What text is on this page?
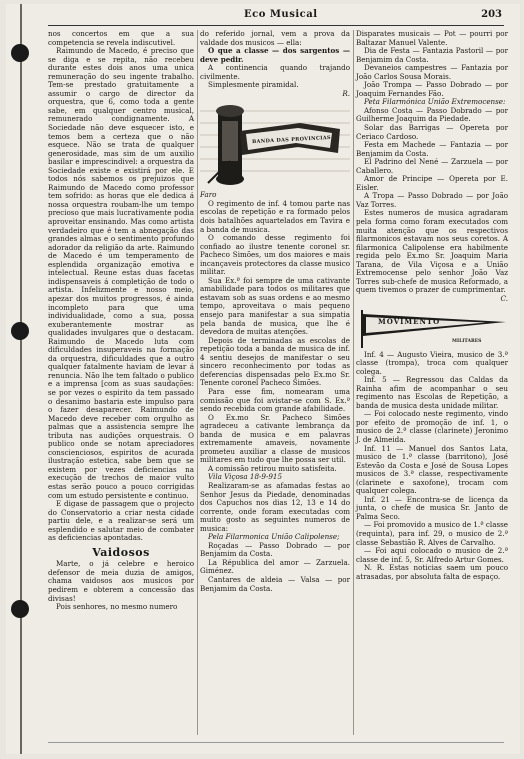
Eco Musical	203

nos concertos em que a sua competencia se revela indiscutivel.

Raimundo de Macedo, é preciso que se diga e se repita, não recebeu durante estes dois anos uma unica remuneração do seu ingente trabalho. Tem-se prestado gratuitamente a assumir o cargo de director da orquestra, que 6, como toda a gente sabe, em qualquer centro musical, remunerado condignamente. A Sociedade não deve esquecer isto, e temos bem a certeza que o não esquece. Não se trata de qualquer generosidade, mas sim de um auxilio basilar e imprescindivel: a orquestra da Sociedade existe e existirá por ele. E todos nós sabemos os prejuizos que Raimundo de Macedo como professor tem sofrido: as horas que ele dedica á nossa orquestra roubam-lhe um tempo precioso que mais lucrativamente podia aproveitar ensinando. Mas como artista verdadeiro que é tem a abnegação das grandes almas e o sentimento profundo adorador da religião da arte. Raimundo de Macedo é um temperamento de esplendida organização emotiva e intelectual. Reune estas duas facetas indispensaveis á completição de todo o artista. Infelizmente e nosso meio, apezar dos muitos progressos, é ainda incompleto para que uma individualidade, como a sua, possa exuberantemente mostrar as qualidades invulgares que o destacam. Raimundo de Macedo luta com dificuldades insuperaveis na formação da orquestra, dificuldades que a outro qualquer fatalmente haviam de levar á renuncia. Não lhe tem faltado o publico e a imprensa [com as suas saudações: se por vezes o espirito da tem passado o desanimo bastaria este impulso para o fazer desaparecer. Raimundo de Macedo deve receber com orgulho as palmas que a assistencia sempre lhe tributa nas audições orquestrais. O publico onde se notam apreciadores conscienciosos, espiritos de acurada ilustração estetica, sabe bem que se existem por vezes deficiencias na execução de trechos de maior vulto estas serão pouco a pouco corrigidas com um estudo persistente e continuo.

E digase de passagem que o projecto do Conservatorio a criar nesta cidade partiu dele, e a realizar-se será um esplendido e salutar meio de combater as deficiencias apontadas.

Vaidosos

Marte, o já celebre e heroico defensor de meia duzia de amigos, chama vaidosos aos musicos por pedirem e obterem a concessão das divisas!

Pois senhores, no mesmo numero

do referido jornal, vem a prova da valdade dos musicos — ella:

O que a classe — dos sargentos — deve pedir.

A continencia quando trajando civilmente.

Simplesmente piramidal.

R.

BANDA DAS PROVINCIAS

Faro

O regimento de inf. 4 tomou parte nas escolas de repetição e ra formado pelos dois batalhões aquartelados em Tavira e a banda de musica.

O comando desse regimento foi confiado ao ilustre tenente coronel sr. Pacheco Simões, um dos maiores e mais incançaveis protectores da classe musico militar.

Sua Ex.ª foi sempre de uma cativante amabilidade para todos os militares que estavam sob as suas ordens e ao mesmo tempo, aproveitava o mais pequeno ensejo para manifestar a sua simpatia pela banda de musica, que lhe é devedora de muitas atenções.

Depois de terminadas as escolas de repetição toda a banda de musica de inf. 4 sentiu desejos de manifestar o seu sincero reconhecimento por todas as deferencias dispensadas pelo Ex.mo Sr. Tenente coronel Pacheco Simões.

Para esse fim, nomearam uma comissão que foi avistar-se com S. Ex.ª sendo recebida com grande afabilidade.

O Ex.mo Sr. Pacheco Simões agradeceu a cativante lembrança da banda de musica e em palavras extremamente amaveis, novamente prometeu auxiliar a classe de musicos militares em tudo que lhe possa ser util.

A comissão retirou muito satisfeita.

Vila Viçosa 18-9-915

Realizaram-se as afamadas festas ao Senhor Jesus da Piedade, denominadas dos Capuchos nos dias 12, 13 e 14 do corrente, onde foram executadas com muito gosto as seguintes numeros de musica:

Pela Filarmonica União Calipolense;

Roçadas — Passo Dobrado — por Benjamim da Costa.

La Républica del amor — Zarzuela. Giménez.

Cantares de aldeia — Valsa — por Benjamim da Costa.

Disparates musicais — Pot — pourri por Baltazar Manuel Valente.

Dia de Festa — Fantazia Pastoril — por Benjamim da Costa.

Devaneios campestres — Fantazia por João Carlos Sousa Morais.

João Trompa — Passo Dobrado — por Joaquim Fernandes Fão.

Peta Filarmónica União Extremocense:

Afonso Costa — Passo Dobrado — por Guilherme Joaquim da Piedade.

Solar das Barrigas — Opereta por Ceriaco Cardoso.

Festa em Machede — Fantazia — por Benjamim da Costa.

El Padrino del Nené — Zarzuela — por Caballero.

Amor de Principe — Opereta por E. Eisler.

A Tropa — Passo Dobrado — por João Vaz Torres.

Estes numeros de musica agradaram pela forma como foram executados com muita atenção que os respectivos filarmonicos estavam nos seus coretos. A filarmonica Calipolense era habilmente regida pelo Ex.mo Sr. Joaquim Maria Tarana, de Vila Viçosa e a União Extremocense pelo senhor João Vaz Torres sub-chefe de musica Reformado, a quem tivemos o prazer de cumprimentar.

C.

MOVIMENTO
MILITARES

Inf. 4 — Augusto Vieira, musico de 3.ª classe (trompa), troca com qualquer colega.

Inf. 5 — Regressou das Caldas da Rainha afim de acompanhar o seu regimento nas Escolas de Repetição, a banda de musica desta unidade militar.

— Foi colocado neste regimento, vindo por efeito de promoção de inf. 1, o musico de 2.ª classe (clarinete) Jeronimo J. de Almeida.

Inf. 11 — Manuel dos Santos Lata, musico de 1.ª classe (barritono), José Estevão da Costa e José de Sousa Lopes musicos de 3.ª classe, respectivamente (clarinete e saxofone), trocam com qualquer colega.

Inf. 21 — Encontra-se de licença da junta, o chefe de musica Sr. Janto de Palma Seco.

— Foi promovido a musico de 1.ª classe (requinta), para inf. 29, o musico de 2.ª classe Sebastião R. Alves de Carvalho.

— Foi aqui colocado o musico de 2.ª classe de inf. 5, Sr. Alfredo Artur Gomes.

N. R. Estas noticias saem um pouco atrasadas, por absoluta falta de espaço.
